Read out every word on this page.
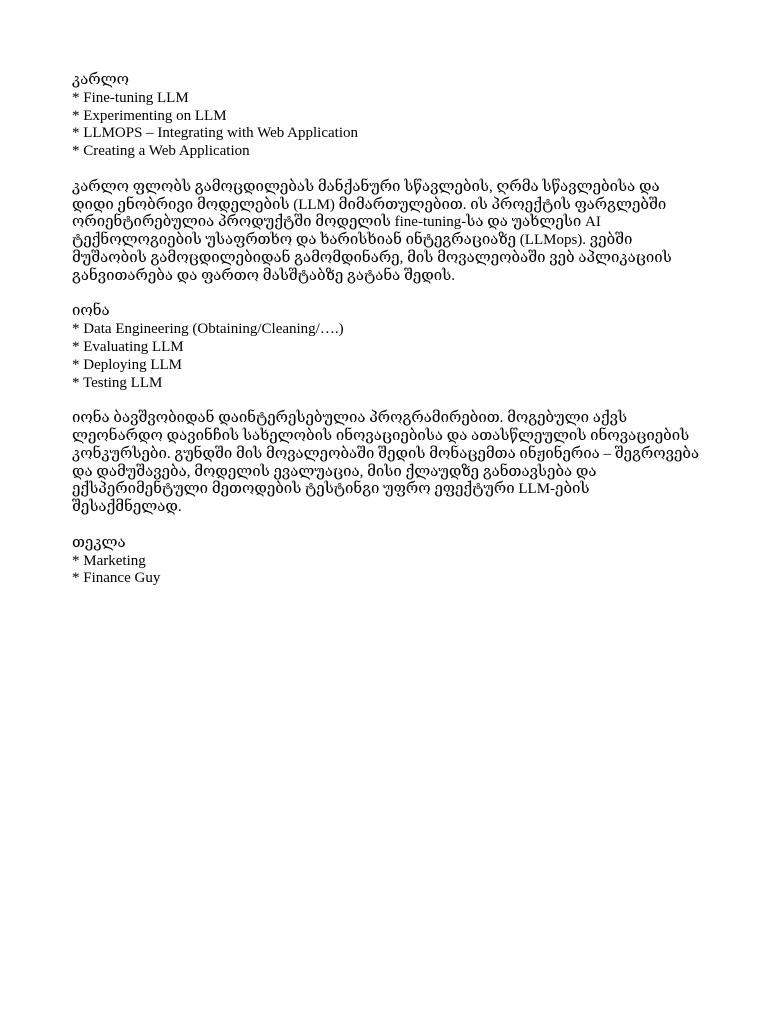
კარლო
* Fine-tuning LLM
* Experimenting on LLM
* LLMOPS – Integrating with Web Application
* Creating a Web Application

კარლო ფლობს გამოცდილებას მანქანური სწავლების, ღრმა სწავლებისა და დიდი ენობრივი მოდელების (LLM) მიმართულებით. ის პროექტის ფარგლებში ორიენტირებულია პროდუქტში მოდელის fine-tuning-სა და უახლესი AI ტექნოლოგიების უსაფრთხო და ხარისხიან ინტეგრაციაზე (LLMops). ვებში მუშაობის გამოცდილებიდან გამომდინარე, მის მოვალეობაში ვებ აპლიკაციის განვითარება და ფართო მასშტაბზე გატანა შედის.

იონა
* Data Engineering (Obtaining/Cleaning/….)
* Evaluating LLM
* Deploying LLM
* Testing LLM

იონა ბავშვობიდან დაინტერესებულია პროგრამირებით. მოგებული აქვს ლეონარდო დავინჩის სახელობის ინოვაციებისა და ათასწლეულის ინოვაციების კონკურსები. გუნდში მის მოვალეობაში შედის მონაცემთა ინჟინერია – შეგროვება და დამუშავება, მოდელის ევალუაცია, მისი ქლაუდზე განთავსება და ექსპერიმენტული მეთოდების ტესტინგი უფრო ეფექტური LLM-ების შესაქმნელად.

თეკლა
* Marketing
* Finance Guy
